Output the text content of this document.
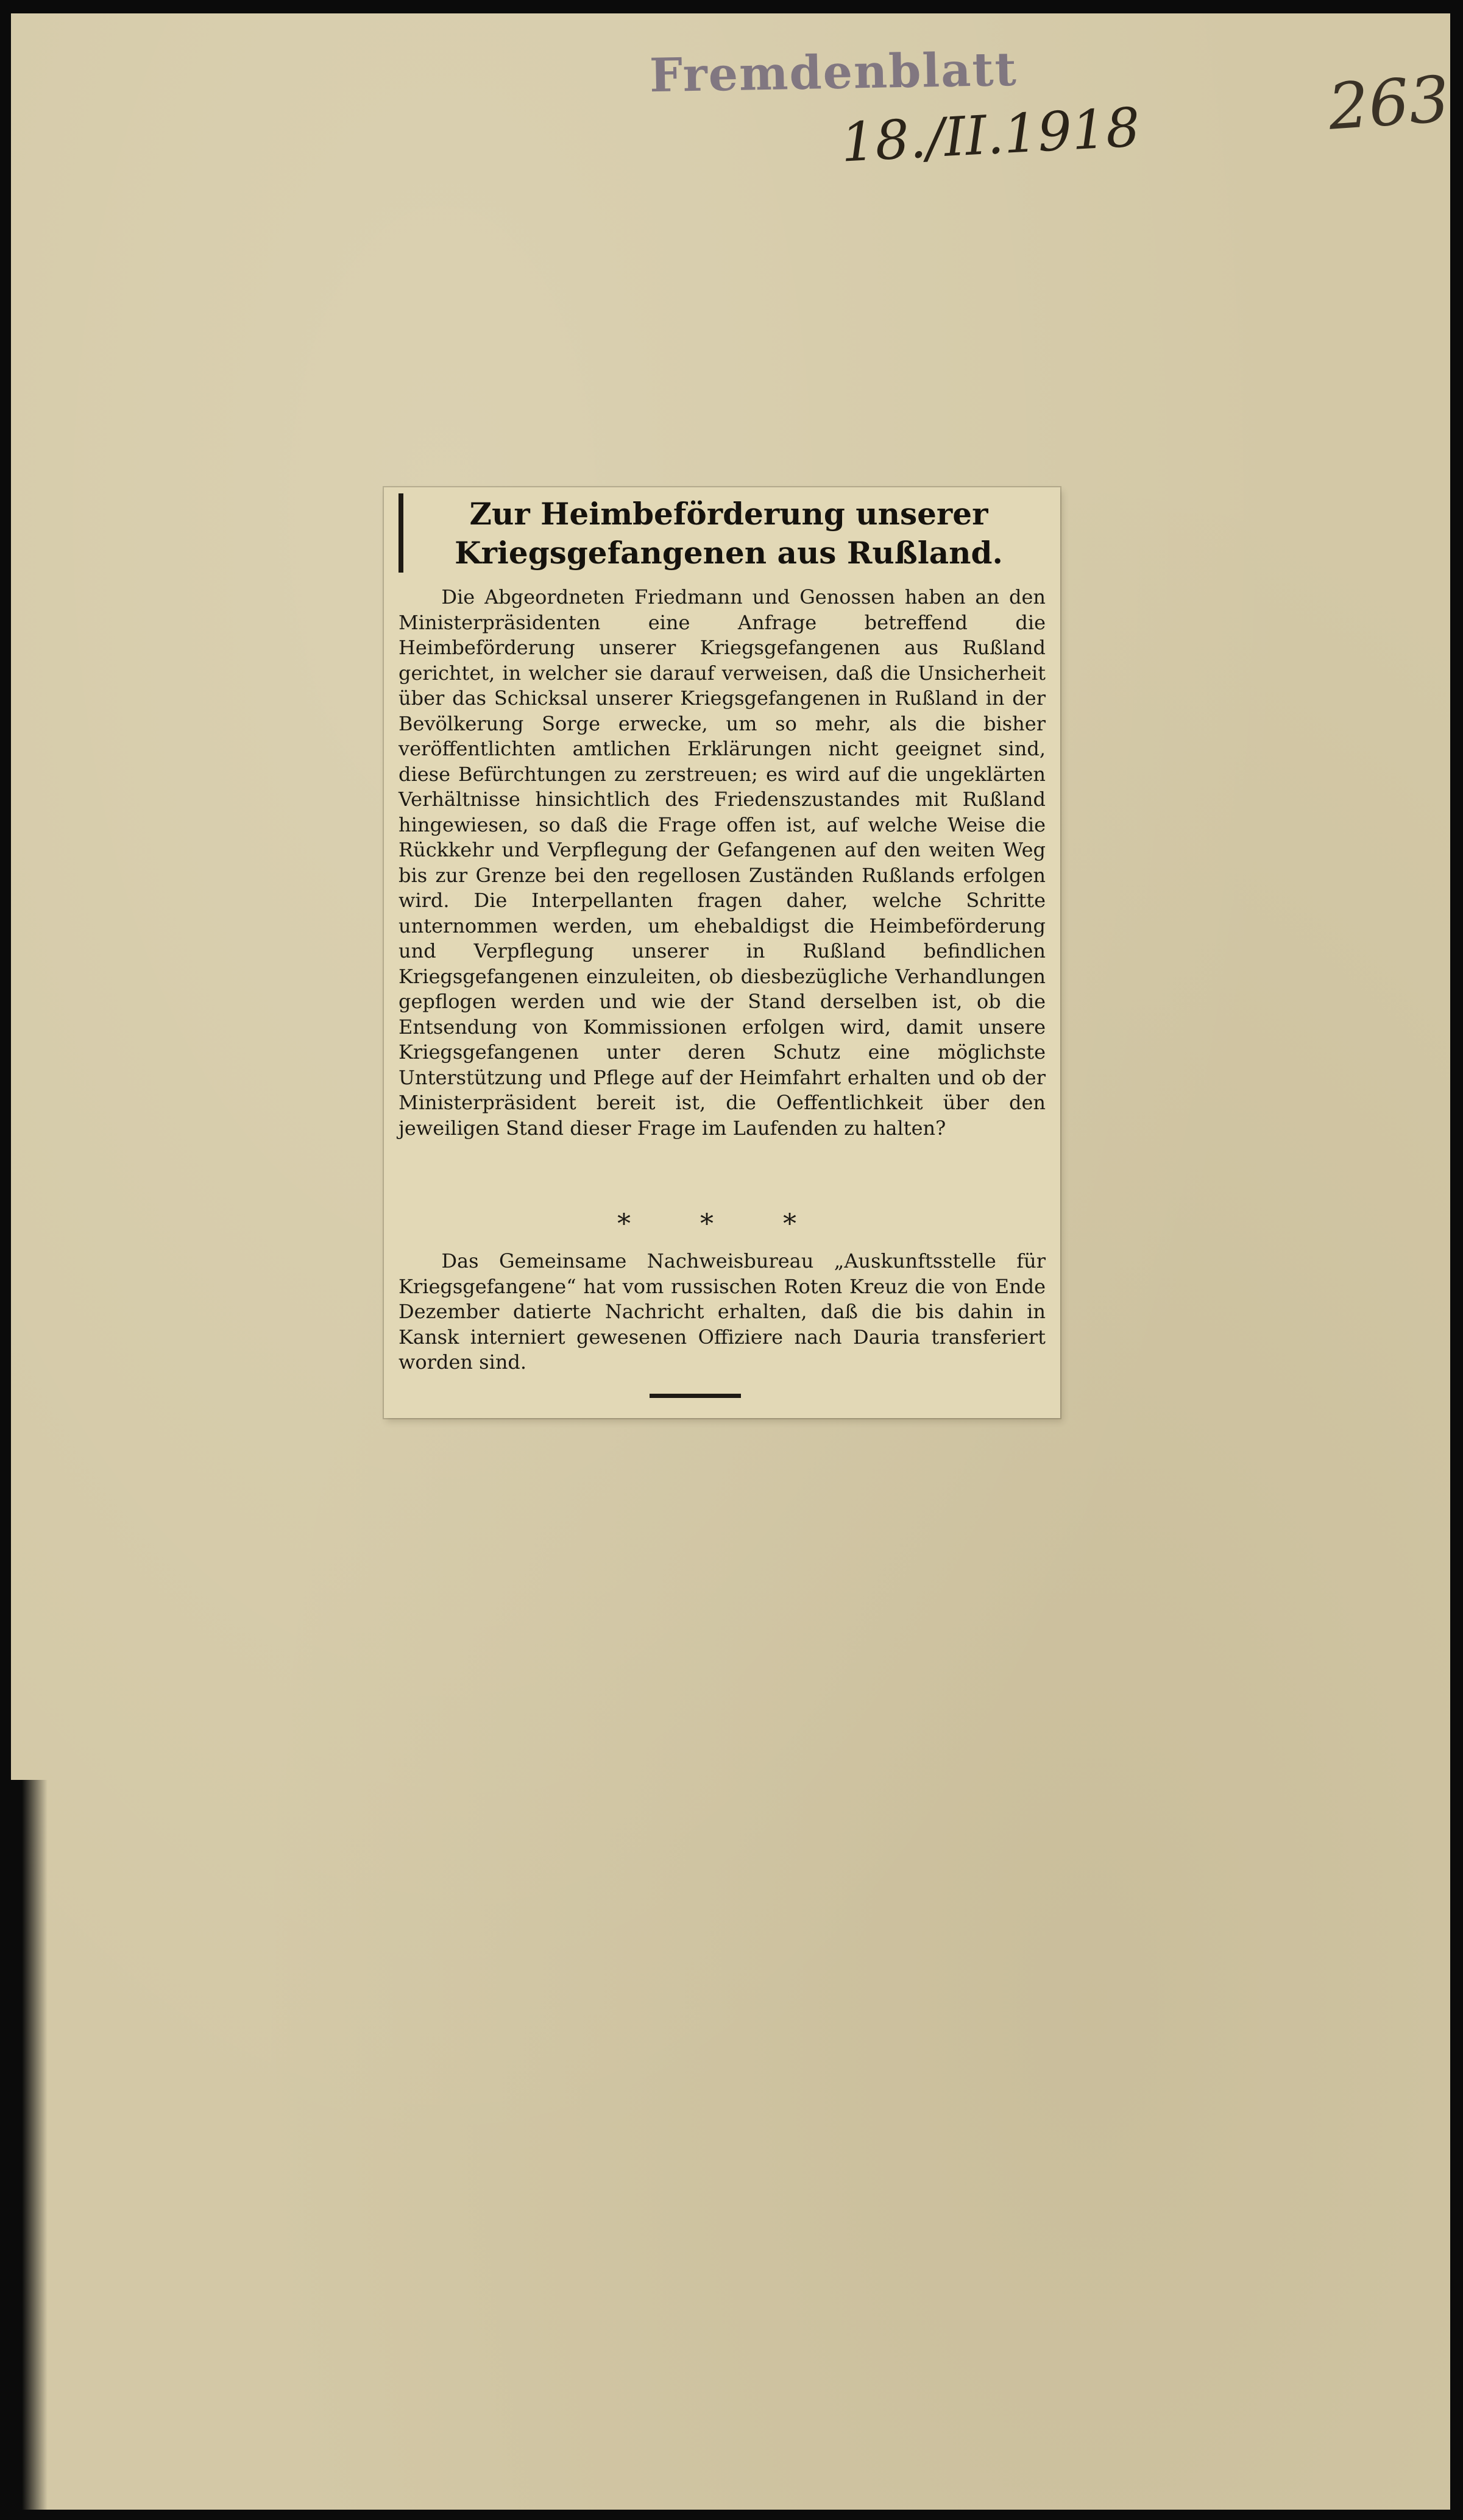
Fremdenblatt
18./II.1918	263
Zur Heimbeförderung unserer Kriegsgefangenen aus Rußland.
Die Abgeordneten Friedmann und Genossen haben an den Ministerpräsidenten eine Anfrage betreffend die Heimbeförderung unserer Kriegsgefangenen aus Rußland gerichtet, in welcher sie darauf verweisen, daß die Unsicherheit über das Schicksal unserer Kriegsgefangenen in Rußland in der Bevölkerung Sorge erwecke, um so mehr, als die bisher veröffentlichten amtlichen Erklärungen nicht geeignet sind, diese Befürchtungen zu zerstreuen; es wird auf die ungeklärten Verhältnisse hinsichtlich des Friedenszustandes mit Rußland hingewiesen, so daß die Frage offen ist, auf welche Weise die Rückkehr und Verpflegung der Gefangenen auf den weiten Weg bis zur Grenze bei den regellosen Zuständen Rußlands erfolgen wird. Die Interpellanten fragen daher, welche Schritte unternommen werden, um ehebaldigst die Heimbeförderung und Verpflegung unserer in Rußland befindlichen Kriegsgefangenen einzuleiten, ob diesbezügliche Verhandlungen gepflogen werden und wie der Stand derselben ist, ob die Entsendung von Kommissionen erfolgen wird, damit unsere Kriegsgefangenen unter deren Schutz eine möglichste Unterstützung und Pflege auf der Heimfahrt erhalten und ob der Ministerpräsident bereit ist, die Oeffentlichkeit über den jeweiligen Stand dieser Frage im Laufenden zu halten?
* * *
Das Gemeinsame Nachweisbureau „Auskunftsstelle für Kriegsgefangene“ hat vom russischen Roten Kreuz die von Ende Dezember datierte Nachricht erhalten, daß die bis dahin in Kansk interniert gewesenen Offiziere nach Dauria transferiert worden sind.
